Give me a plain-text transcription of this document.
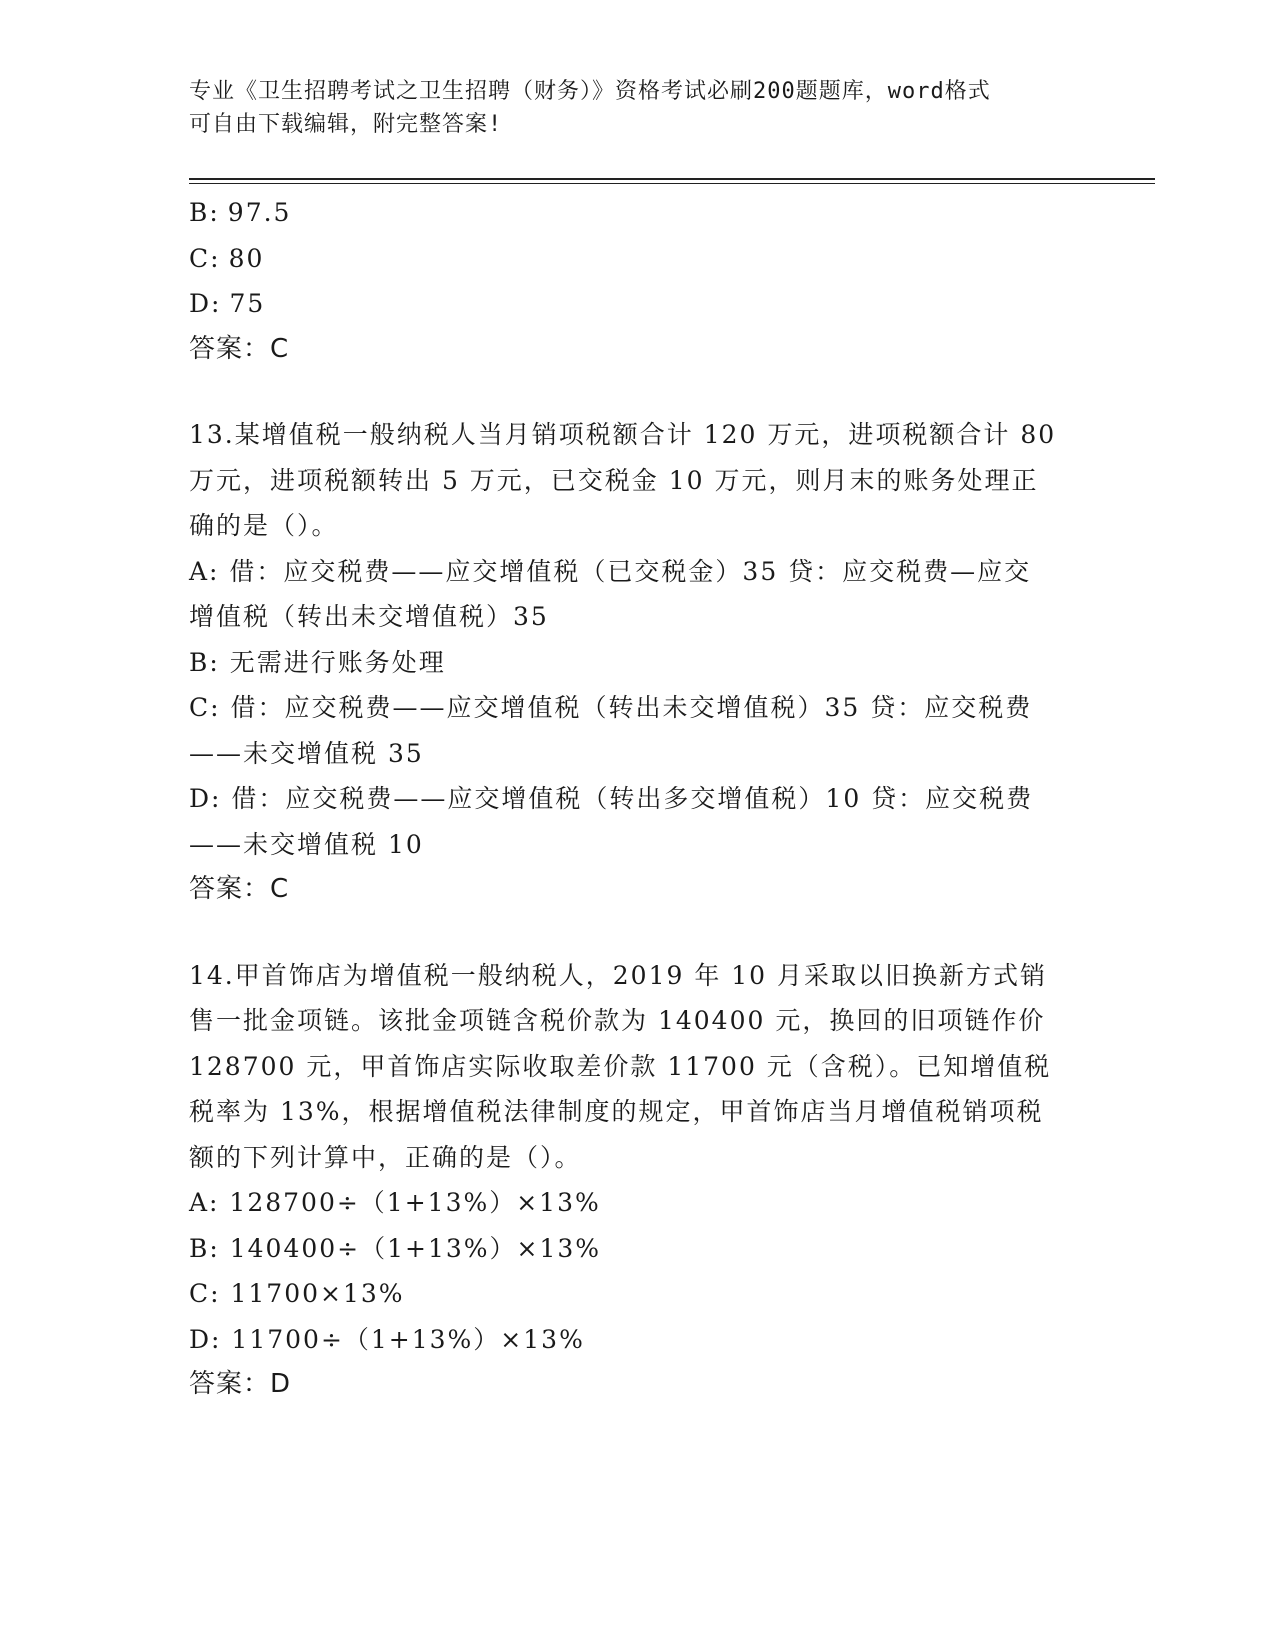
专业《卫生招聘考试之卫生招聘（财务）》资格考试必刷200题题库，word格式
可自由下载编辑，附完整答案!
B: 97.5
C: 80
D: 75
答案：C
13.某增值税一般纳税人当月销项税额合计 120 万元，进项税额合计 80
万元，进项税额转出 5 万元，已交税金 10 万元，则月末的账务处理正
确的是（）。
A: 借：应交税费——应交增值税（已交税金）35 贷：应交税费—应交
增值税（转出未交增值税）35
B: 无需进行账务处理
C: 借：应交税费——应交增值税（转出未交增值税）35 贷：应交税费
——未交增值税 35
D: 借：应交税费——应交增值税（转出多交增值税）10 贷：应交税费
——未交增值税 10
答案：C
14.甲首饰店为增值税一般纳税人，2019 年 10 月采取以旧换新方式销
售一批金项链。该批金项链含税价款为 140400 元，换回的旧项链作价
128700 元，甲首饰店实际收取差价款 11700 元（含税）。已知增值税
税率为 13%，根据增值税法律制度的规定，甲首饰店当月增值税销项税
额的下列计算中，正确的是（）。
A: 128700÷（1+13%）×13%
B: 140400÷（1+13%）×13%
C: 11700×13%
D: 11700÷（1+13%）×13%
答案：D
